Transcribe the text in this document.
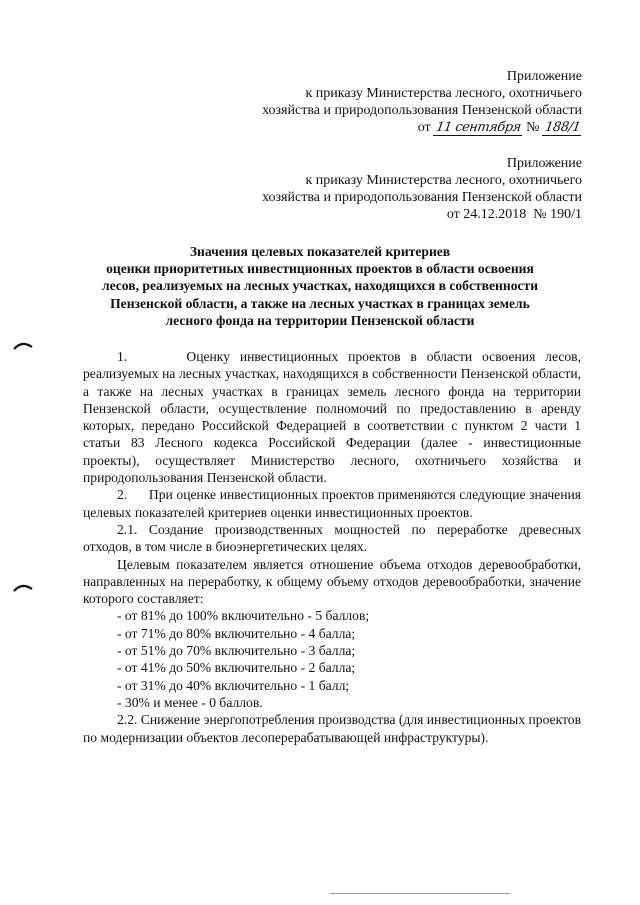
Приложение
к приказу Министерства лесного, охотничьего
хозяйства и природопользования Пензенской области
от 11 сентября № 188/1
Приложение
к приказу Министерства лесного, охотничьего
хозяйства и природопользования Пензенской области
от 24.12.2018  № 190/1
Значения целевых показателей критериев
оценки приоритетных инвестиционных проектов в области освоения
лесов, реализуемых на лесных участках, находящихся в собственности
Пензенской области, а также на лесных участках в границах земель
лесного фонда на территории Пензенской области

1.      Оценку инвестиционных проектов в области освоения лесов, реализуемых на лесных участках, находящихся в собственности Пензенской области, а также на лесных участках в границах земель лесного фонда на территории Пензенской области, осуществление полномочий по предоставлению в аренду которых, передано Российской Федерацией в соответствии с пунктом 2 части 1 статьи 83 Лесного кодекса Российской Федерации (далее - инвестиционные проекты), осуществляет Министерство лесного, охотничьего хозяйства и природопользования Пензенской области.

2.      При оценке инвестиционных проектов применяются следующие значения целевых показателей критериев оценки инвестиционных проектов.

2.1. Создание производственных мощностей по переработке древесных отходов, в том числе в биоэнергетических целях.

Целевым показателем является отношение объема отходов деревообработки, направленных на переработку, к общему объему отходов деревообработки, значение которого составляет:

- от 81% до 100% включительно - 5 баллов;
- от 71% до 80% включительно - 4 балла;
- от 51% до 70% включительно - 3 балла;
- от 41% до 50% включительно - 2 балла;
- от 31% до 40% включительно - 1 балл;
- 30% и менее - 0 баллов.

2.2. Снижение энергопотребления производства (для инвестиционных проектов по модернизации объектов лесоперерабатывающей инфраструктуры).
